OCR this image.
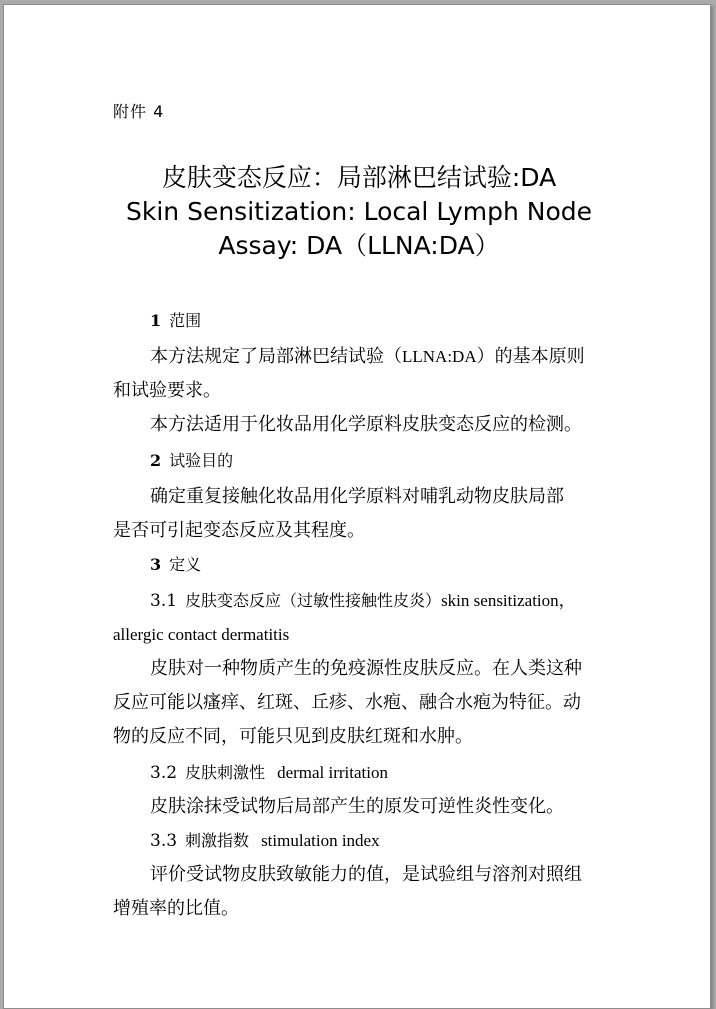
附件 4
皮肤变态反应：局部淋巴结试验:DA
Skin Sensitization: Local Lymph Node
Assay: DA（LLNA:DA）
1 范围
本方法规定了局部淋巴结试验（LLNA:DA）的基本原则
和试验要求。
本方法适用于化妆品用化学原料皮肤变态反应的检测。
2 试验目的
确定重复接触化妆品用化学原料对哺乳动物皮肤局部
是否可引起变态反应及其程度。
3 定义
3.1 皮肤变态反应（过敏性接触性皮炎）skin sensitization，
allergic contact dermatitis
皮肤对一种物质产生的免疫源性皮肤反应。在人类这种
反应可能以瘙痒、红斑、丘疹、水疱、融合水疱为特征。动
物的反应不同，可能只见到皮肤红斑和水肿。
3.2 皮肤刺激性 dermal irritation
皮肤涂抹受试物后局部产生的原发可逆性炎性变化。
3.3 刺激指数 stimulation index
评价受试物皮肤致敏能力的值，是试验组与溶剂对照组
增殖率的比值。
